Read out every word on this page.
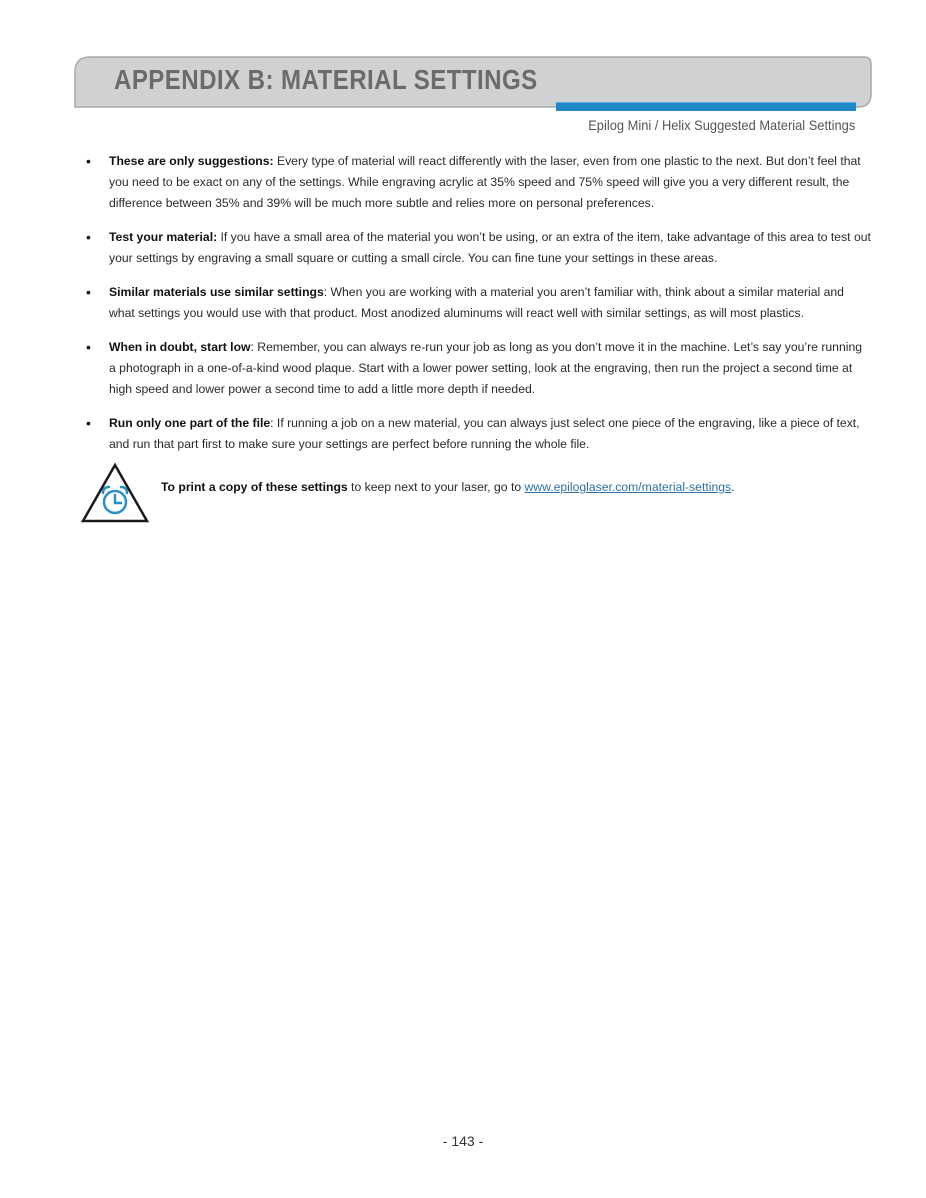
APPENDIX B: MATERIAL SETTINGS
Epilog Mini / Helix Suggested Material Settings
• These are only suggestions: Every type of material will react differently with the laser, even from one plastic to the next. But don’t feel that you need to be exact on any of the settings. While engraving acrylic at 35% speed and 75% speed will give you a very different result, the difference between 35% and 39% will be much more subtle and relies more on personal preferences.
• Test your material: If you have a small area of the material you won’t be using, or an extra of the item, take advantage of this area to test out your settings by engraving a small square or cutting a small circle. You can fine tune your settings in these areas.
• Similar materials use similar settings: When you are working with a material you aren’t familiar with, think about a similar material and what settings you would use with that product. Most anodized aluminums will react well with similar settings, as will most plastics.
• When in doubt, start low: Remember, you can always re-run your job as long as you don’t move it in the machine. Let’s say you’re running a photograph in a one-of-a-kind wood plaque. Start with a lower power setting, look at the engraving, then run the project a second time at high speed and lower power a second time to add a little more depth if needed.
• Run only one part of the file: If running a job on a new material, you can always just select one piece of the engraving, like a piece of text, and run that part first to make sure your settings are perfect before running the whole file.
To print a copy of these settings to keep next to your laser, go to www.epiloglaser.com/material-settings.
- 143 -
